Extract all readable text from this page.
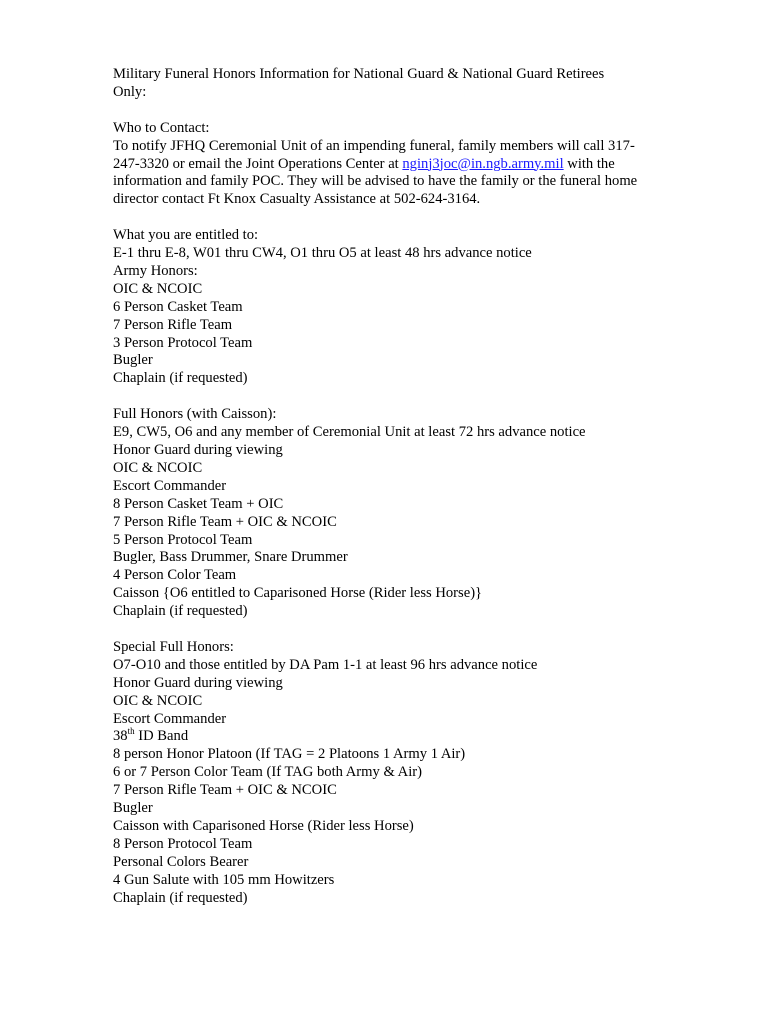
Military Funeral Honors Information for National Guard & National Guard Retirees
Only:
Who to Contact:
To notify JFHQ Ceremonial Unit of an impending funeral, family members will call 317-
247-3320 or email the Joint Operations Center at nginj3joc@in.ngb.army.mil with the
information and family POC. They will be advised to have the family or the funeral home
director contact Ft Knox Casualty Assistance at 502-624-3164.
What you are entitled to:
E-1 thru E-8, W01 thru CW4, O1 thru O5 at least 48 hrs advance notice
Army Honors:
OIC & NCOIC
6 Person Casket Team
7 Person Rifle Team
3 Person Protocol Team
Bugler
Chaplain (if requested)
Full Honors (with Caisson):
E9, CW5, O6 and any member of Ceremonial Unit at least 72 hrs advance notice
Honor Guard during viewing
OIC & NCOIC
Escort Commander
8 Person Casket Team + OIC
7 Person Rifle Team + OIC & NCOIC
5 Person Protocol Team
Bugler, Bass Drummer, Snare Drummer
4 Person Color Team
Caisson {O6 entitled to Caparisoned Horse (Rider less Horse)}
Chaplain (if requested)
Special Full Honors:
O7-O10 and those entitled by DA Pam 1-1 at least 96 hrs advance notice
Honor Guard during viewing
OIC & NCOIC
Escort Commander
38th ID Band
8 person Honor Platoon (If TAG = 2 Platoons 1 Army 1 Air)
6 or 7 Person Color Team (If TAG both Army & Air)
7 Person Rifle Team + OIC & NCOIC
Bugler
Caisson with Caparisoned Horse (Rider less Horse)
8 Person Protocol Team
Personal Colors Bearer
4 Gun Salute with 105 mm Howitzers
Chaplain (if requested)
